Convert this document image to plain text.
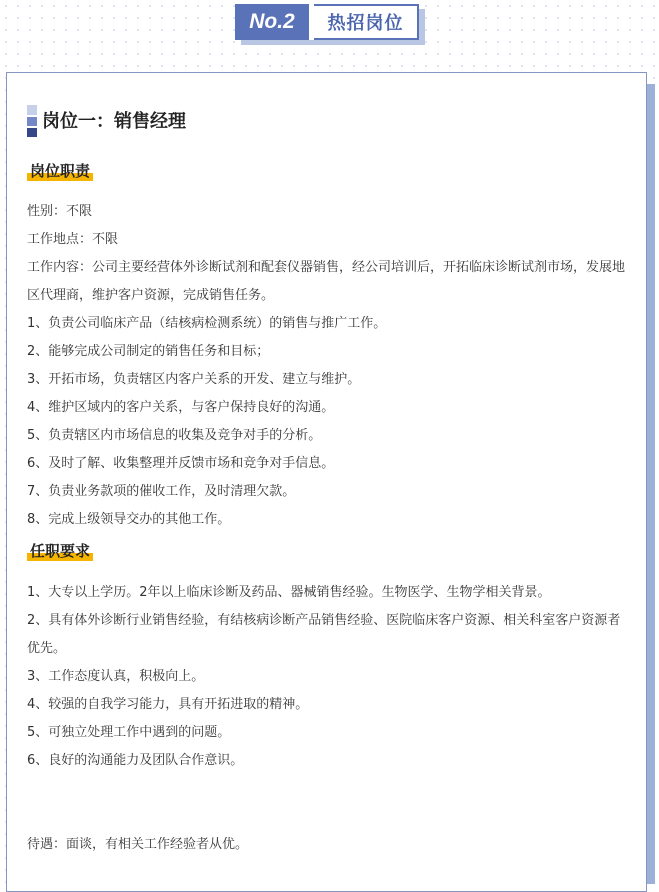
No.2	热招岗位
岗位一：销售经理
岗位职责

性别：不限

工作地点：不限

工作内容：公司主要经营体外诊断试剂和配套仪器销售，经公司培训后，开拓临床诊断试剂市场，发展地区代理商，维护客户资源，完成销售任务。

1、负责公司临床产品（结核病检测系统）的销售与推广工作。

2、能够完成公司制定的销售任务和目标；

3、开拓市场，负责辖区内客户关系的开发、建立与维护。

4、维护区域内的客户关系，与客户保持良好的沟通。

5、负责辖区内市场信息的收集及竞争对手的分析。

6、及时了解、收集整理并反馈市场和竞争对手信息。

7、负责业务款项的催收工作，及时清理欠款。

8、完成上级领导交办的其他工作。

任职要求

1、大专以上学历。2年以上临床诊断及药品、器械销售经验。生物医学、生物学相关背景。

2、具有体外诊断行业销售经验，有结核病诊断产品销售经验、医院临床客户资源、相关科室客户资源者优先。

3、工作态度认真，积极向上。

4、较强的自我学习能力，具有开拓进取的精神。

5、可独立处理工作中遇到的问题。

6、良好的沟通能力及团队合作意识。

待遇：面谈，有相关工作经验者从优。
